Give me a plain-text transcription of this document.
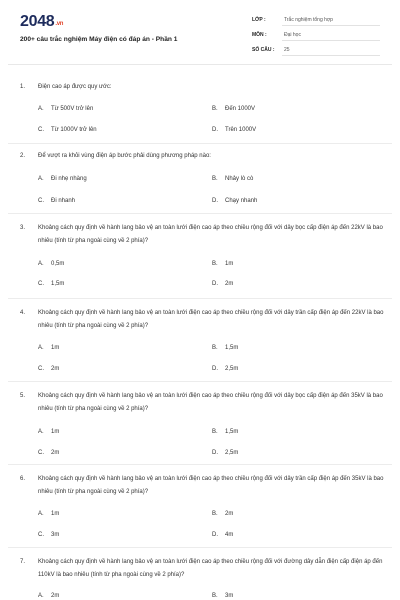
2048.vn
200+ câu trắc nghiệm Máy điện có đáp án - Phần 1
LỚP :	Trắc nghiệm tổng hợp
MÔN :	Đại học
SỐ CÂU : 25
1. Điện cao áp được quy ước:
A. Từ 500V trở lên	B. Đến 1000V
C. Từ 1000V trở lên	D. Trên 1000V
2. Để vượt ra khỏi vùng điện áp bước phải dùng phương pháp nào:
A. Đi nhẹ nhàng	B. Nhảy lò cò
C. Đi nhanh	D. Chạy nhanh
3. Khoảng cách quy định về hành lang bảo vệ an toàn lưới điện cao áp theo chiều rộng đối với dây bọc cấp điện áp đến 22kV là bao nhiêu (tính từ pha ngoài cùng về 2 phía)?
A. 0,5m	B. 1m
C. 1,5m	D. 2m
4. Khoảng cách quy định về hành lang bảo vệ an toàn lưới điện cao áp theo chiều rộng đối với dây trần cấp điện áp đến 22kV là bao nhiêu (tính từ pha ngoài cùng về 2 phía)?
A. 1m	B. 1,5m
C. 2m	D. 2,5m
5. Khoảng cách quy định về hành lang bảo vệ an toàn lưới điện cao áp theo chiều rộng đối với dây bọc cấp điện áp đến 35kV là bao nhiêu (tính từ pha ngoài cùng về 2 phía)?
A. 1m	B. 1,5m
C. 2m	D. 2,5m
6. Khoảng cách quy định về hành lang bảo vệ an toàn lưới điện cao áp theo chiều rộng đối với dây trần cấp điện áp đến 35kV là bao nhiêu (tính từ pha ngoài cùng về 2 phía)?
A. 1m	B. 2m
C. 3m	D. 4m
7. Khoảng cách quy định về hành lang bảo vệ an toàn lưới điện cao áp theo chiều rộng đối với đường dây dẫn điện cấp điện áp đến 110kV là bao nhiêu (tính từ pha ngoài cùng về 2 phía)?
A. 2m	B. 3m
